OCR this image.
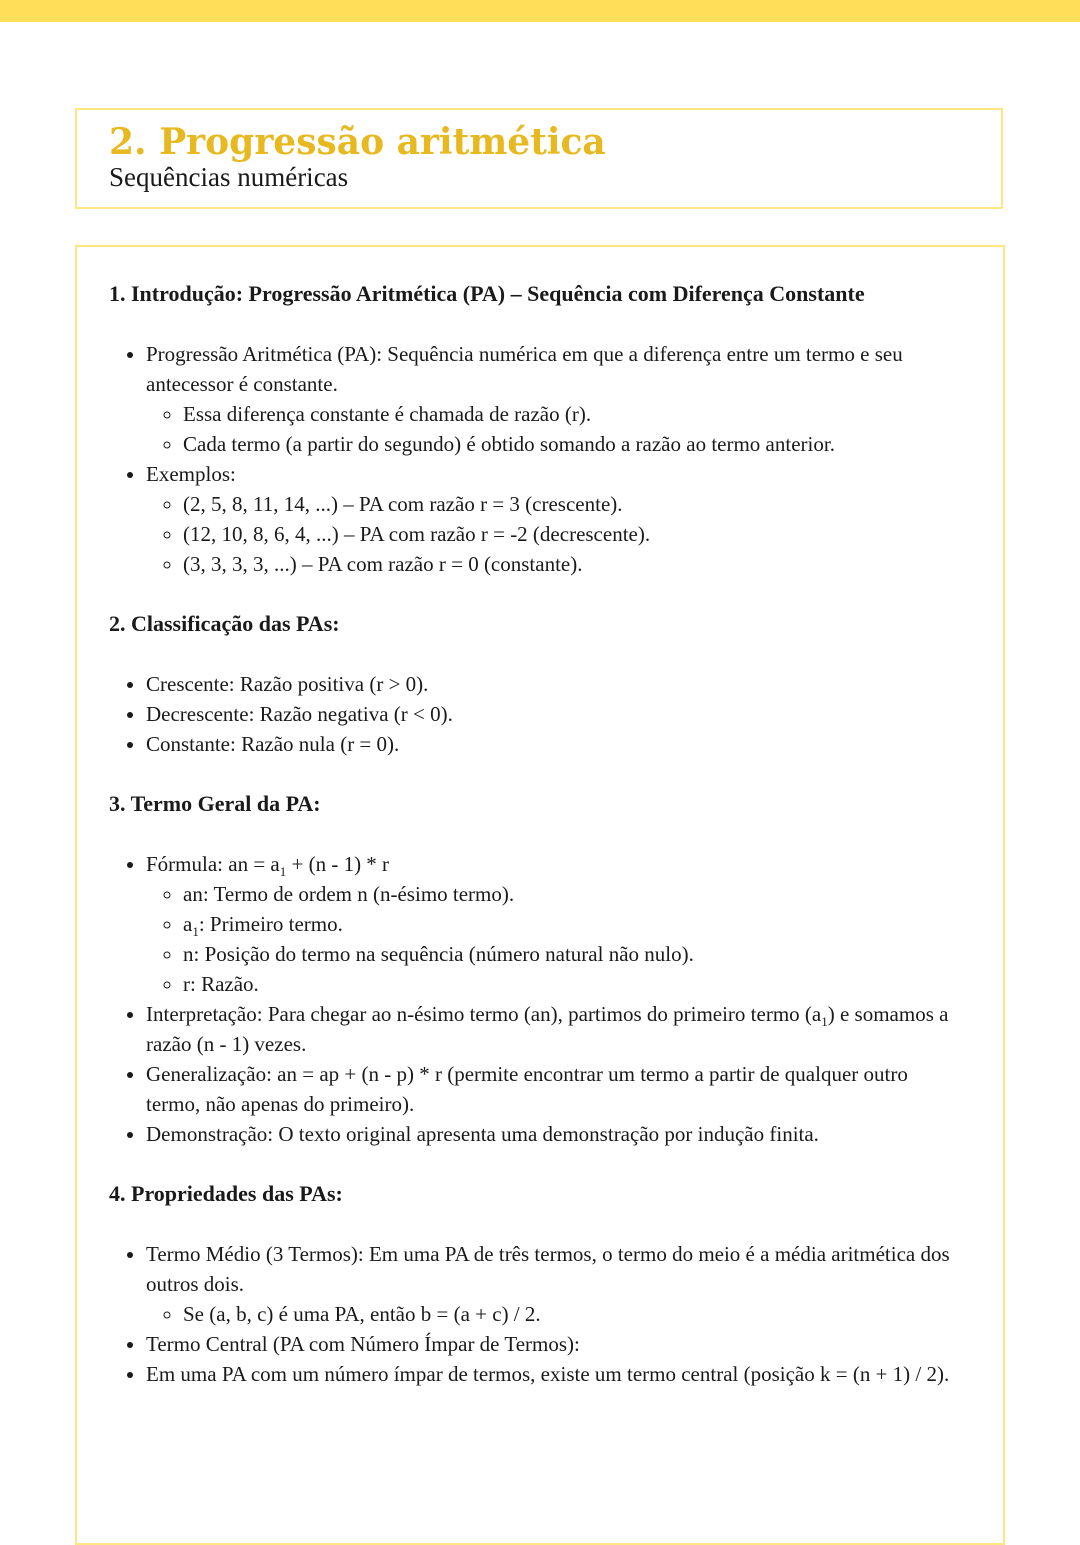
2. Progressão aritmética

Sequências numéricas

1. Introdução: Progressão Aritmética (PA) – Sequência com Diferença Constante
• Progressão Aritmética (PA): Sequência numérica em que a diferença entre um termo e seu antecessor é constante.
◦ Essa diferença constante é chamada de razão (r).
◦ Cada termo (a partir do segundo) é obtido somando a razão ao termo anterior.
• Exemplos:
◦ (2, 5, 8, 11, 14, ...) – PA com razão r = 3 (crescente).
◦ (12, 10, 8, 6, 4, ...) – PA com razão r = -2 (decrescente).
◦ (3, 3, 3, 3, ...) – PA com razão r = 0 (constante).
2. Classificação das PAs:
• Crescente: Razão positiva (r > 0).
• Decrescente: Razão negativa (r < 0).
• Constante: Razão nula (r = 0).
3. Termo Geral da PA:
• Fórmula: an = $a_1 + (n - 1) * r$
◦ an: Termo de ordem n (n-ésimo termo).
◦ $a_1$: Primeiro termo.
◦ n: Posição do termo na sequência (número natural não nulo).
◦ r: Razão.
• Interpretação: Para chegar ao n-ésimo termo (an), partimos do primeiro termo $(a_1)$ e somamos a razão (n - 1) vezes.
• Generalização: an = ap + (n - p) * r (permite encontrar um termo a partir de qualquer outro termo, não apenas do primeiro).
• Demonstração: O texto original apresenta uma demonstração por indução finita.
4. Propriedades das PAs:
• Termo Médio (3 Termos): Em uma PA de três termos, o termo do meio é a média aritmética dos outros dois.
◦ Se (a, b, c) é uma PA, então b = (a + c) / 2.
• Termo Central (PA com Número Ímpar de Termos):
• Em uma PA com um número ímpar de termos, existe um termo central (posição k = (n + 1) / 2).
